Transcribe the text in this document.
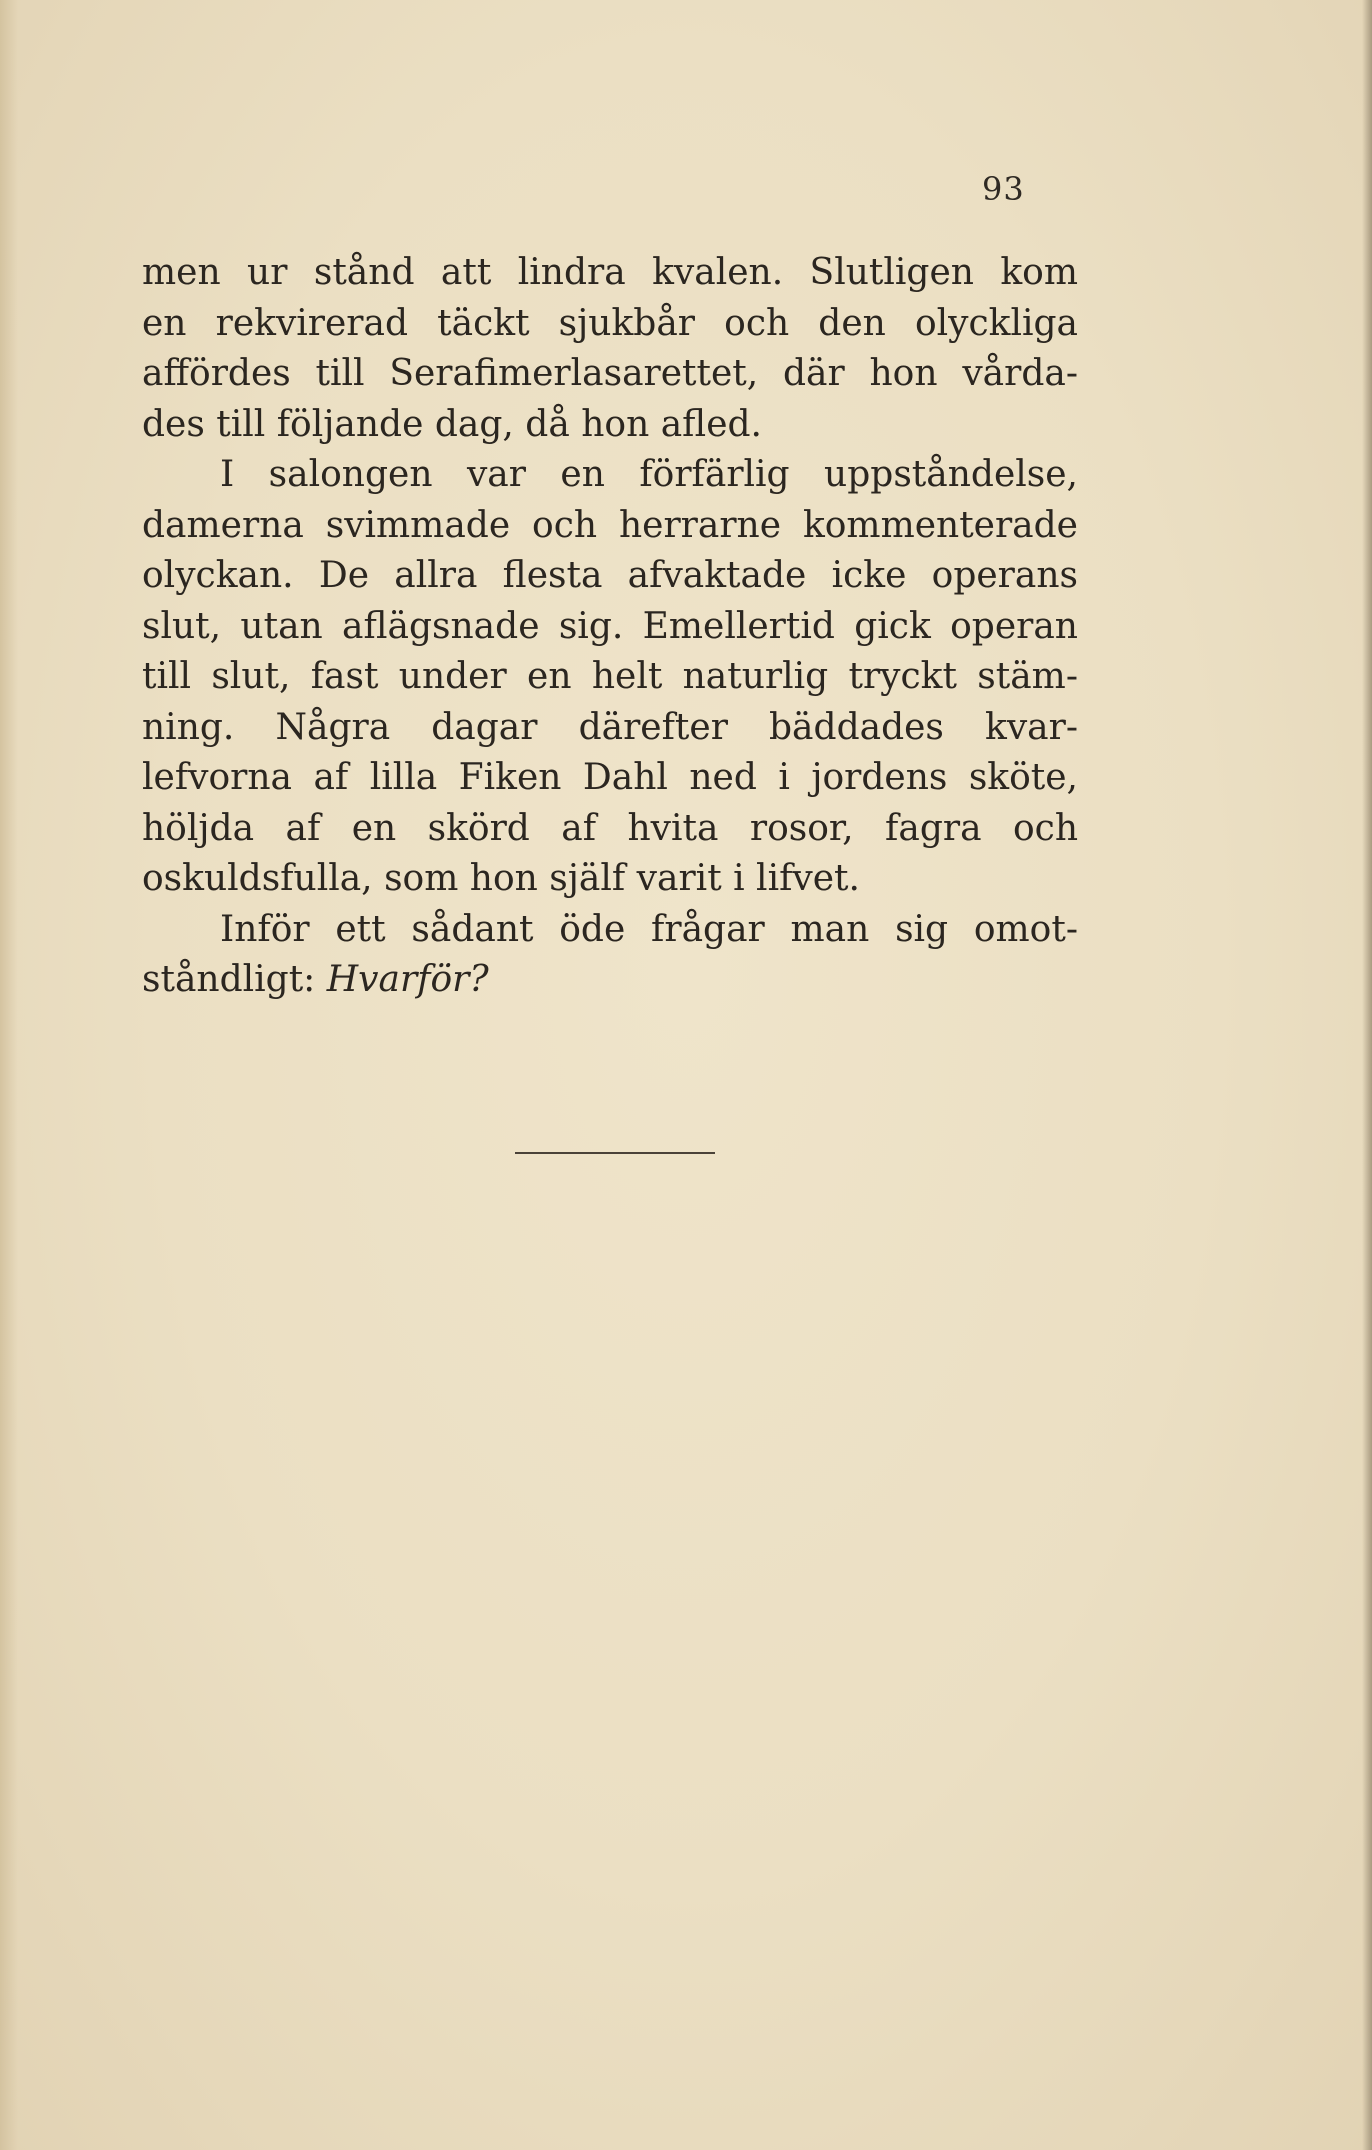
93
men ur stånd att lindra kvalen. Slutligen kom
en rekvirerad täckt sjukbår och den olyckliga
affördes till Serafimerlasarettet, där hon vårda-
des till följande dag, då hon afled.
I salongen var en förfärlig uppståndelse,
damerna svimmade och herrarne kommenterade
olyckan. De allra flesta afvaktade icke operans
slut, utan aflägsnade sig. Emellertid gick operan
till slut, fast under en helt naturlig tryckt stäm-
ning. Några dagar därefter bäddades kvar-
lefvorna af lilla Fiken Dahl ned i jordens sköte,
höljda af en skörd af hvita rosor, fagra och
oskuldsfulla, som hon själf varit i lifvet.
Inför ett sådant öde frågar man sig omot-
ståndligt: Hvarför?
